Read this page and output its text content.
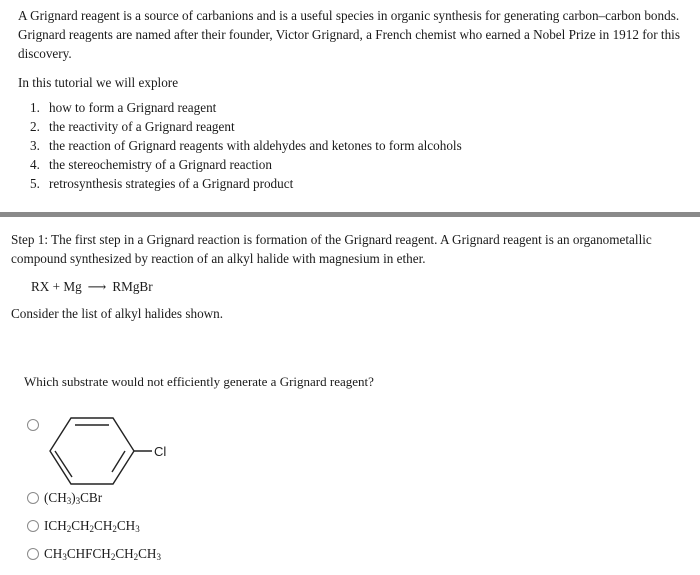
A Grignard reagent is a source of carbanions and is a useful species in organic synthesis for generating carbon–carbon bonds. Grignard reagents are named after their founder, Victor Grignard, a French chemist who earned a Nobel Prize in 1912 for this discovery.

In this tutorial we will explore

1. how to form a Grignard reagent
2. the reactivity of a Grignard reagent
3. the reaction of Grignard reagents with aldehydes and ketones to form alcohols
4. the stereochemistry of a Grignard reaction
5. retrosynthesis strategies of a Grignard product

Step 1: The first step in a Grignard reaction is formation of the Grignard reagent. A Grignard reagent is an organometallic compound synthesized by reaction of an alkyl halide with magnesium in ether.

RX + Mg ⟶ RMgBr

Consider the list of alkyl halides shown.

Which substrate would not efficiently generate a Grignard reagent?
Cl
$(CH_3)_3CBr$
$ICH_2CH_2CH_2CH_3$
$CH_3CHFCH_2CH_2CH_3$
